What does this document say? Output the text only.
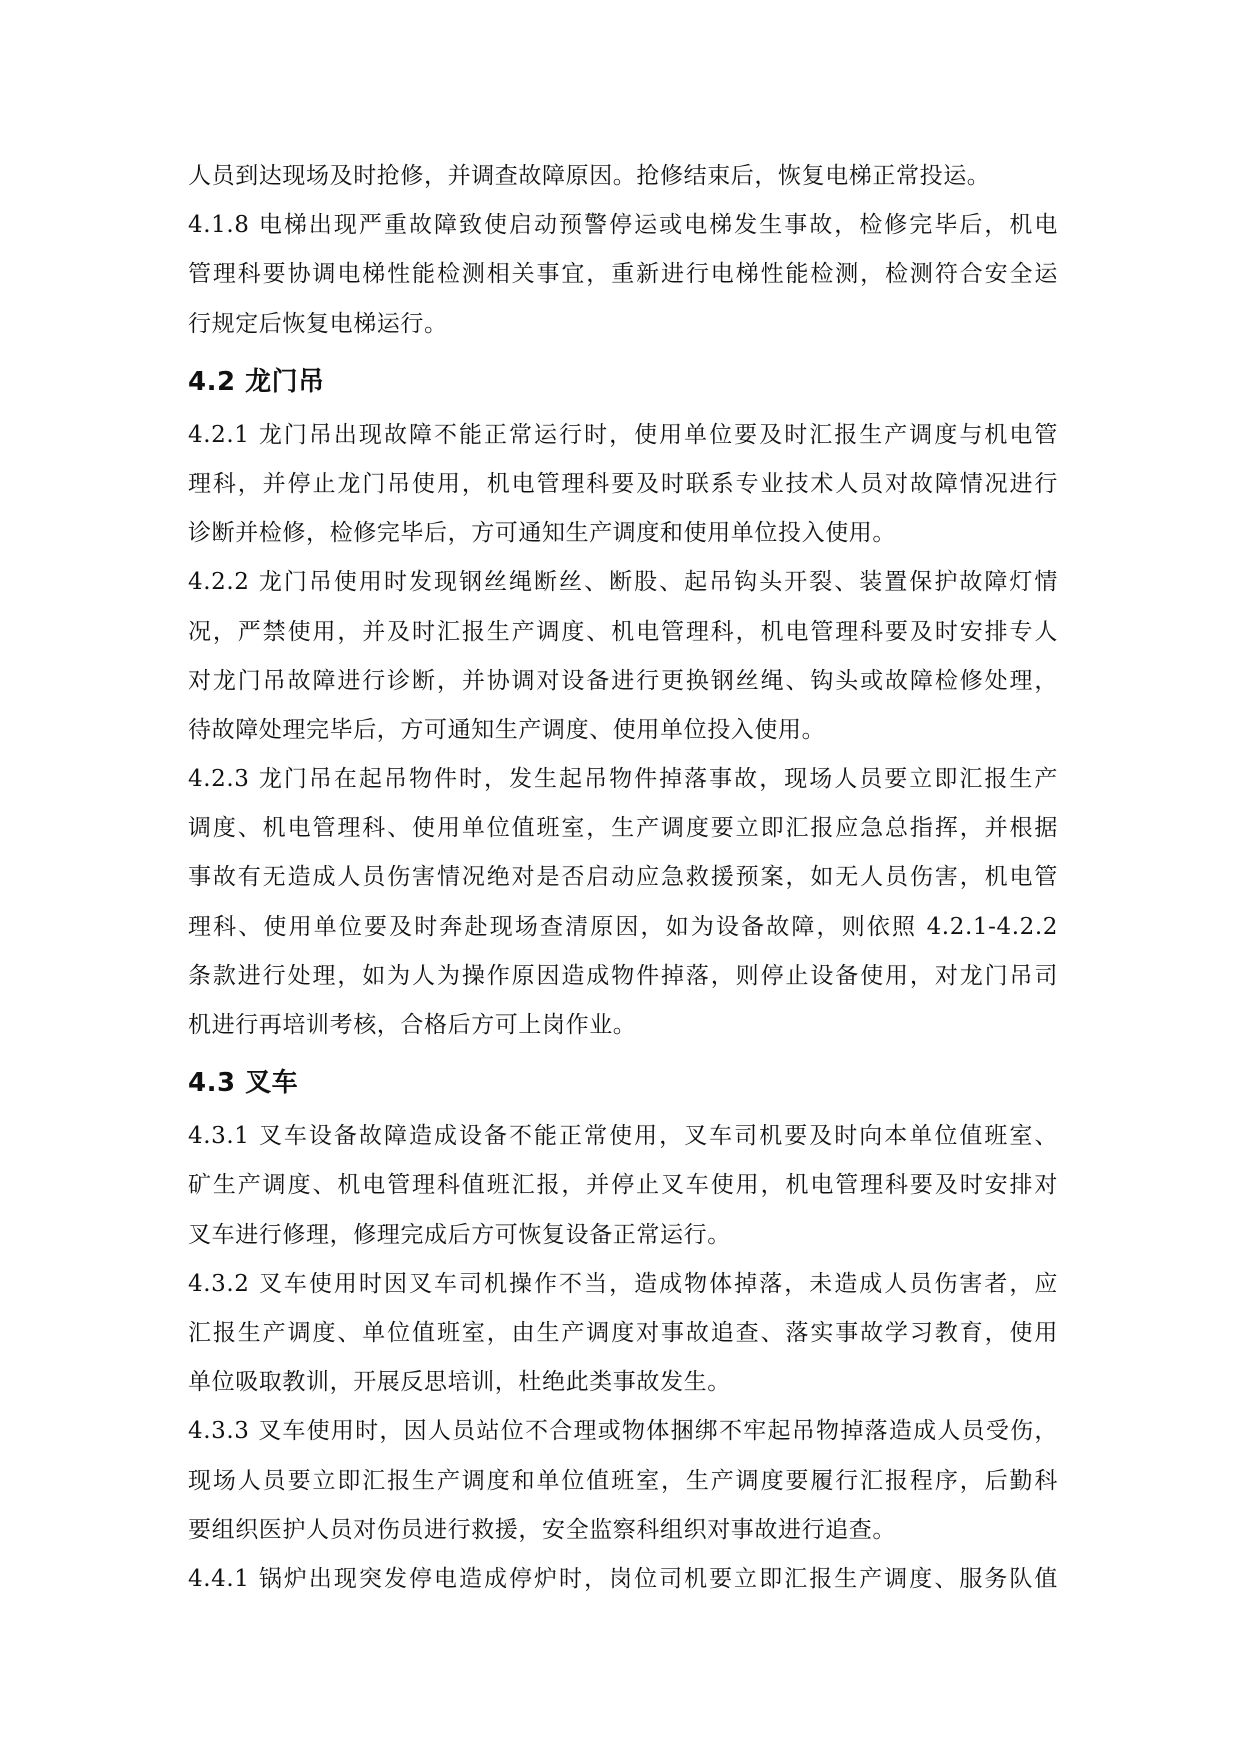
人员到达现场及时抢修，并调查故障原因。抢修结束后，恢复电梯正常投运。
4.1.8 电梯出现严重故障致使启动预警停运或电梯发生事故，检修完毕后，机电
管理科要协调电梯性能检测相关事宜，重新进行电梯性能检测，检测符合安全运
行规定后恢复电梯运行。
4.2 龙门吊
4.2.1 龙门吊出现故障不能正常运行时，使用单位要及时汇报生产调度与机电管
理科，并停止龙门吊使用，机电管理科要及时联系专业技术人员对故障情况进行
诊断并检修，检修完毕后，方可通知生产调度和使用单位投入使用。
4.2.2 龙门吊使用时发现钢丝绳断丝、断股、起吊钩头开裂、装置保护故障灯情
况，严禁使用，并及时汇报生产调度、机电管理科，机电管理科要及时安排专人
对龙门吊故障进行诊断，并协调对设备进行更换钢丝绳、钩头或故障检修处理，
待故障处理完毕后，方可通知生产调度、使用单位投入使用。
4.2.3 龙门吊在起吊物件时，发生起吊物件掉落事故，现场人员要立即汇报生产
调度、机电管理科、使用单位值班室，生产调度要立即汇报应急总指挥，并根据
事故有无造成人员伤害情况绝对是否启动应急救援预案，如无人员伤害，机电管
理科、使用单位要及时奔赴现场查清原因，如为设备故障，则依照 4.2.1-4.2.2
条款进行处理，如为人为操作原因造成物件掉落，则停止设备使用，对龙门吊司
机进行再培训考核，合格后方可上岗作业。
4.3 叉车
4.3.1 叉车设备故障造成设备不能正常使用，叉车司机要及时向本单位值班室、
矿生产调度、机电管理科值班汇报，并停止叉车使用，机电管理科要及时安排对
叉车进行修理，修理完成后方可恢复设备正常运行。
4.3.2 叉车使用时因叉车司机操作不当，造成物体掉落，未造成人员伤害者，应
汇报生产调度、单位值班室，由生产调度对事故追查、落实事故学习教育，使用
单位吸取教训，开展反思培训，杜绝此类事故发生。
4.3.3 叉车使用时，因人员站位不合理或物体捆绑不牢起吊物掉落造成人员受伤，
现场人员要立即汇报生产调度和单位值班室，生产调度要履行汇报程序，后勤科
要组织医护人员对伤员进行救援，安全监察科组织对事故进行追查。
4.4.1 锅炉出现突发停电造成停炉时，岗位司机要立即汇报生产调度、服务队值
